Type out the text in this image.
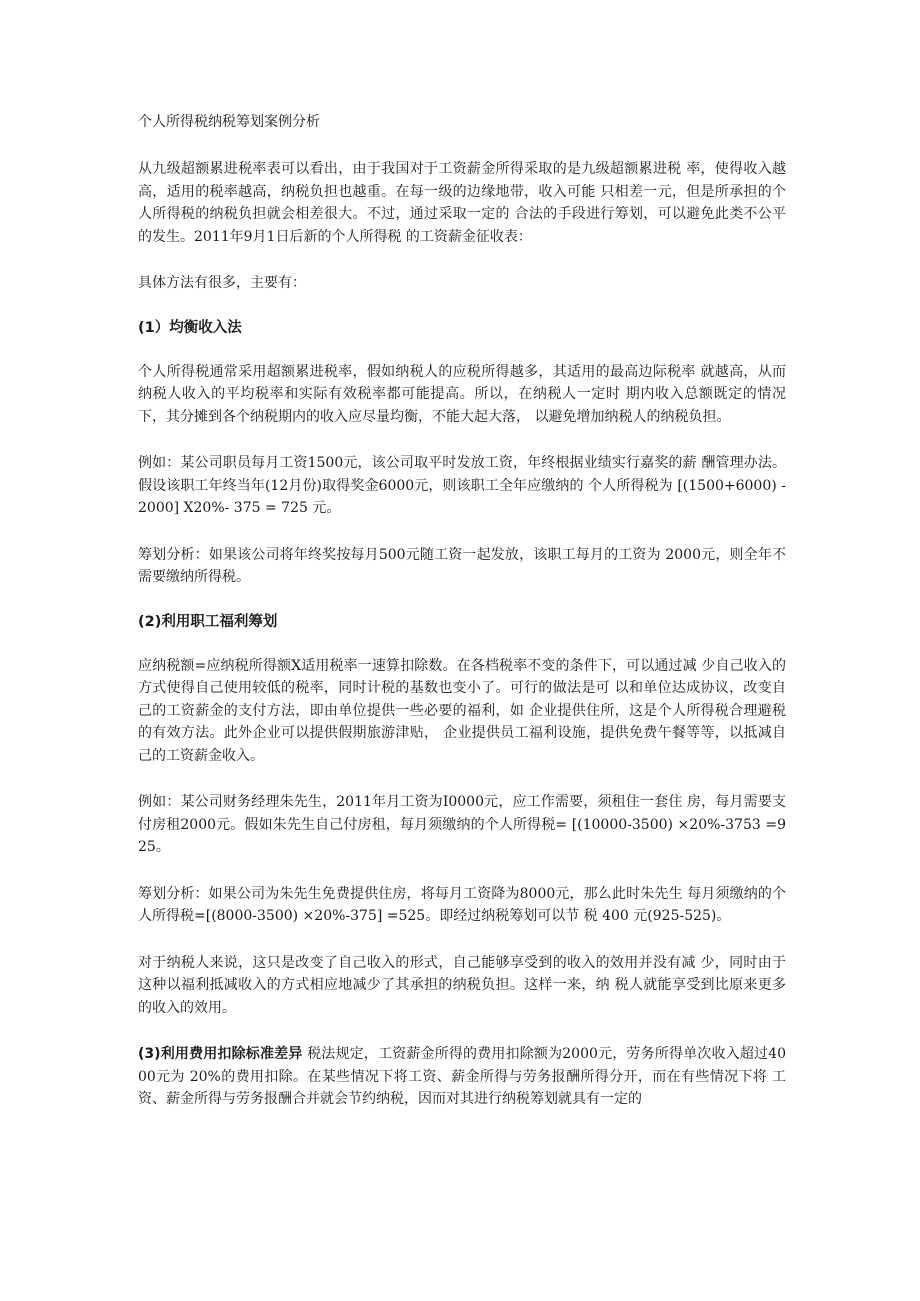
个人所得税纳税筹划案例分析
从九级超额累进税率表可以看出，由于我国对于工资薪金所得采取的是九级超额累进税 率，使得收入越高，适用的税率越高，纳税负担也越重。在每一级的边缘地带，收入可能 只相差一元，但是所承担的个人所得税的纳税负担就会相差很大。不过，通过采取一定的 合法的手段进行筹划，可以避免此类不公平的发生。2011年9月1日后新的个人所得税 的工资薪金征收表：
具体方法有很多，主要有：
(1）均衡收入法
个人所得税通常采用超额累进税率，假如纳税人的应税所得越多，其适用的最高边际税率 就越高，从而纳税人收入的平均税率和实际有效税率都可能提高。所以，在纳税人一定时 期内收入总额既定的情况下，其分摊到各个纳税期内的收入应尽量均衡，不能大起大落， 以避免增加纳税人的纳税负担。
例如：某公司职员每月工资1500元，该公司取平时发放工资，年终根据业绩实行嘉奖的薪 酬管理办法。假设该职工年终当年(12月份)取得奖金6000元，则该职工全年应缴纳的 个人所得税为 [(1500+6000) - 2000] X20%- 375 = 725 元。
筹划分析：如果该公司将年终奖按每月500元随工资一起发放，该职工每月的工资为 2000元，则全年不需要缴纳所得税。
(2)利用职工福利筹划
应纳税额=应纳税所得额X适用税率一速算扣除数。在各档税率不变的条件下，可以通过减 少自己收入的方式使得自己使用较低的税率，同时计税的基数也变小了。可行的做法是可 以和单位达成协议，改变自己的工资薪金的支付方法，即由单位提供一些必要的福利，如 企业提供住所，这是个人所得税合理避税的有效方法。此外企业可以提供假期旅游津贴， 企业提供员工福利设施，提供免费午餐等等，以抵减自己的工资薪金收入。
例如：某公司财务经理朱先生，2011年月工资为I0000元，应工作需要，须租住一套住 房，每月需要支付房租2000元。假如朱先生自己付房租，每月须缴纳的个人所得税= [(10000-3500) ×20%-3753 =925。
筹划分析：如果公司为朱先生免费提供住房，将每月工资降为8000元，那么此时朱先生 每月须缴纳的个人所得税=[(8000-3500) ×20%-375] =525。即经过纳税筹划可以节 税 400 元(925-525)。
对于纳税人来说，这只是改变了自己收入的形式，自己能够享受到的收入的效用并没有减 少，同时由于这种以福利抵减收入的方式相应地减少了其承担的纳税负担。这样一来，纳 税人就能享受到比原来更多的收入的效用。
(3)利用费用扣除标准差异 税法规定，工资薪金所得的费用扣除额为2000元，劳务所得单次收入超过4000元为 20%的费用扣除。在某些情况下将工资、薪金所得与劳务报酬所得分开，而在有些情况下将 工资、薪金所得与劳务报酬合并就会节约纳税，因而对其进行纳税筹划就具有一定的
